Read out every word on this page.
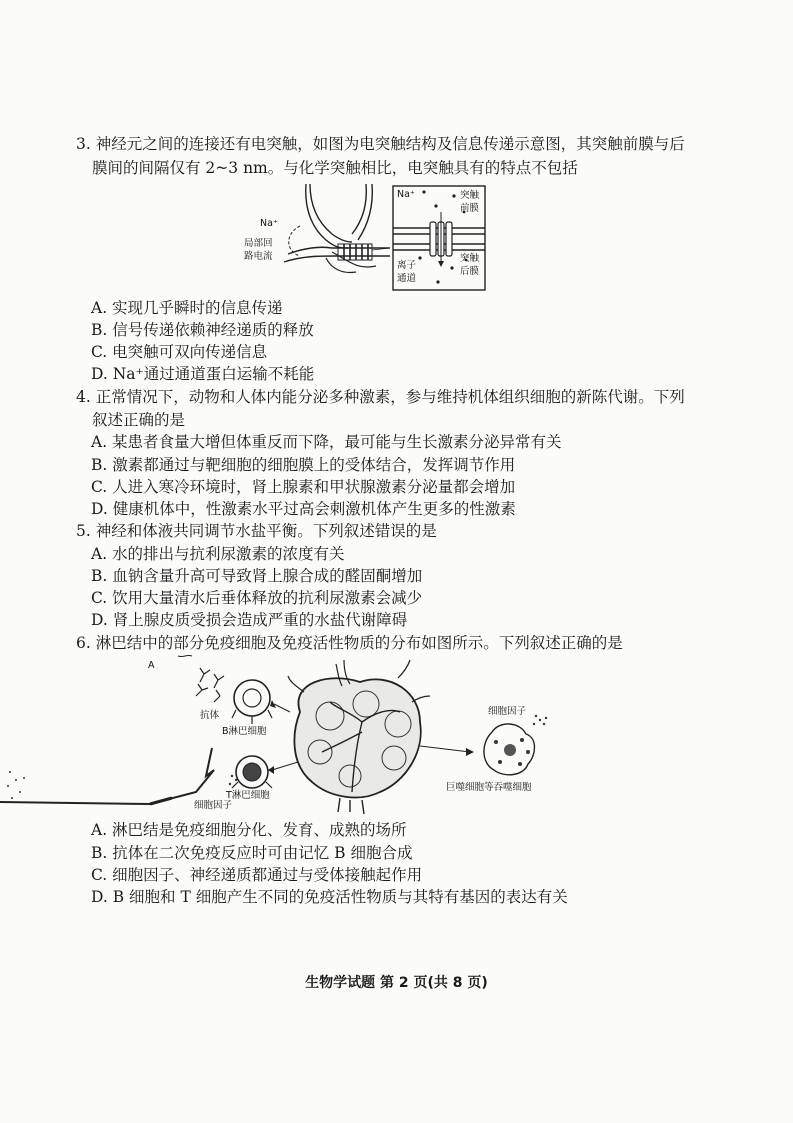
3. 神经元之间的连接还有电突触，如图为电突触结构及信息传递示意图，其突触前膜与后
膜间的间隔仅有 2~3 nm。与化学突触相比，电突触具有的特点不包括
Na⁺
局部回
路电流
Na⁺	突触
前膜
离子
通道
突触
后膜
A. 实现几乎瞬时的信息传递
B. 信号传递依赖神经递质的释放
C. 电突触可双向传递信息
D. Na⁺通过通道蛋白运输不耗能
4. 正常情况下，动物和人体内能分泌多种激素，参与维持机体组织细胞的新陈代谢。下列
叙述正确的是
A. 某患者食量大增但体重反而下降，最可能与生长激素分泌异常有关
B. 激素都通过与靶细胞的细胞膜上的受体结合，发挥调节作用
C. 人进入寒冷环境时，肾上腺素和甲状腺激素分泌量都会增加
D. 健康机体中，性激素水平过高会刺激机体产生更多的性激素
5. 神经和体液共同调节水盐平衡。下列叙述错误的是
A. 水的排出与抗利尿激素的浓度有关
B. 血钠含量升高可导致肾上腺合成的醛固酮增加
C. 饮用大量清水后垂体释放的抗利尿激素会减少
D. 肾上腺皮质受损会造成严重的水盐代谢障碍
6. 淋巴结中的部分免疫细胞及免疫活性物质的分布如图所示。下列叙述正确的是
A
抗体
B淋巴细胞
T淋巴细胞
细胞因子
细胞因子
巨噬细胞等吞噬细胞
A. 淋巴结是免疫细胞分化、发育、成熟的场所
B. 抗体在二次免疫反应时可由记忆 B 细胞合成
C. 细胞因子、神经递质都通过与受体接触起作用
D. B 细胞和 T 细胞产生不同的免疫活性物质与其特有基因的表达有关
生物学试题 第 2 页(共 8 页)
